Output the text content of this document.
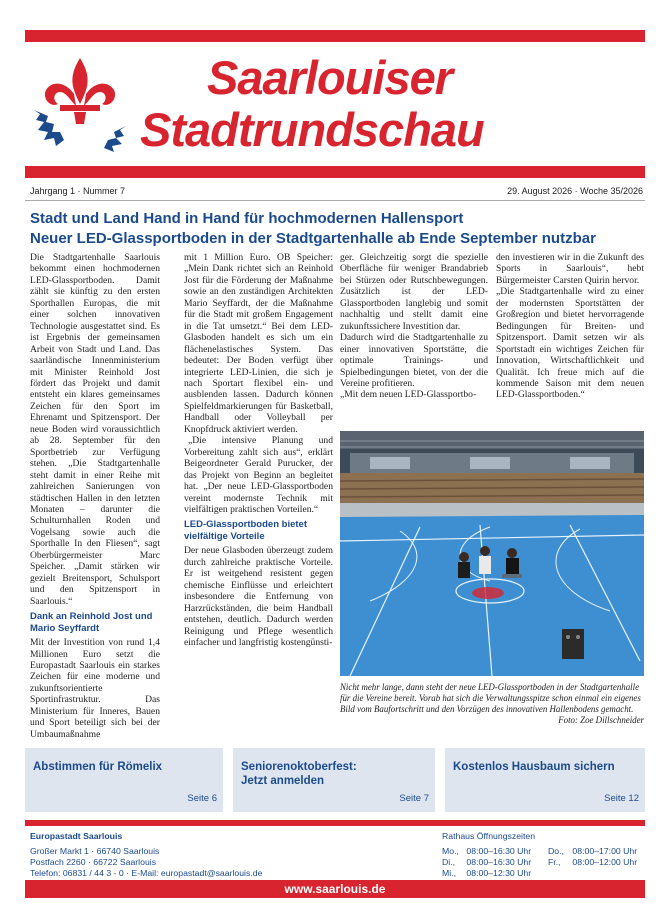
Saarlouiser
Stadtrundschau
Jahrgang 1 · Nummer 7	29. August 2026 · Woche 35/2026
Stadt und Land Hand in Hand für hochmodernen Hallensport
Neuer LED-Glassportboden in der Stadtgartenhalle ab Ende September nutzbar

Die Stadtgartenhalle Saarlouis bekommt einen hochmodernen LED-Glassportboden. Damit zählt sie künftig zu den ersten Sporthallen Europas, die mit einer solchen innovativen Technologie ausgestattet sind. Es ist Ergebnis der gemeinsamen Arbeit von Stadt und Land. Das saarländische Innenministerium mit Minister Reinhold Jost fördert das Projekt und damit entsteht ein klares gemeinsames Zeichen für den Sport im Ehrenamt und Spitzensport. Der neue Boden wird voraussichtlich ab 28. September für den Sportbetrieb zur Verfügung stehen. „Die Stadtgartenhalle steht damit in einer Reihe mit zahlreichen Sanierungen von städtischen Hallen in den letzten Monaten – darunter die Schulturnhallen Roden und Vogelsang sowie auch die Sporthalle In den Fliesen“, sagt Oberbürgermeister Marc Speicher. „Damit stärken wir gezielt Breitensport, Schulsport und den Spitzensport in Saarlouis.“

Dank an Reinhold Jost und Mario Seyffardt

Mit der Investition von rund 1,4 Millionen Euro setzt die Europastadt Saarlouis ein starkes Zeichen für eine moderne und zukunftsorientierte Sportinfrastruktur. Das Ministerium für Inneres, Bauen und Sport beteiligt sich bei der Umbaumaßnahme

mit 1 Million Euro. OB Speicher: „Mein Dank richtet sich an Reinhold Jost für die Förderung der Maßnahme sowie an den zuständigen Architekten Mario Seyffardt, der die Maßnahme für die Stadt mit großem Engagement in die Tat umsetzt.“ Bei dem LED-Glasboden handelt es sich um ein flächenelastisches System. Das bedeutet: Der Boden verfügt über integrierte LED-Linien, die sich je nach Sportart flexibel ein- und ausblenden lassen. Dadurch können Spielfeldmarkierungen für Basketball, Handball oder Volleyball per Knopfdruck aktiviert werden.

„Die intensive Planung und Vorbereitung zahlt sich aus“, erklärt Beigeordneter Gerald Purucker, der das Projekt von Beginn an begleitet hat. „Der neue LED-Glassportboden vereint modernste Technik mit vielfältigen praktischen Vorteilen.“

LED-Glassportboden bietet vielfältige Vorteile

Der neue Glasboden überzeugt zudem durch zahlreiche praktische Vorteile. Er ist weitgehend resistent gegen chemische Einflüsse und erleichtert insbesondere die Entfernung von Harzrückständen, die beim Handball entstehen, deutlich. Dadurch werden Reinigung und Pflege wesentlich einfacher und langfristig kostengünsti-

ger. Gleichzeitig sorgt die spezielle Oberfläche für weniger Brandabrieb bei Stürzen oder Rutschbewegungen. Zusätzlich ist der LED-Glassportboden langlebig und somit nachhaltig und stellt damit eine zukunftssichere Investition dar.

Dadurch wird die Stadtgartenhalle zu einer innovativen Sportstätte, die optimale Trainings- und Spielbedingungen bietet, von der die Vereine profitieren.

„Mit dem neuen LED-Glassportbo-

den investieren wir in die Zukunft des Sports in Saarlouis“, hebt Bürgermeister Carsten Quirin hervor.

„Die Stadtgartenhalle wird zu einer der modernsten Sportstätten der Großregion und bietet hervorragende Bedingungen für Breiten- und Spitzensport. Damit setzen wir als Sportstadt ein wichtiges Zeichen für Innovation, Wirtschaftlichkeit und Qualität. Ich freue mich auf die kommende Saison mit dem neuen LED-Glassportboden.“

Nicht mehr lange, dann steht der neue LED-Glassportboden in der Stadtgartenhalle für die Vereine bereit. Vorab hat sich die Verwaltungsspitze schon einmal ein eigenes Bild vom Baufortschritt und den Vorzügen des innovativen Hallenbodens gemacht.
Foto: Zoe Dillschneider
Abstimmen für Römelix
Seite 6
Seniorenoktoberfest:
Jetzt anmelden
Seite 7
Kostenlos Hausbaum sichern
Seite 12
Europastadt Saarlouis
Großer Markt 1 · 66740 Saarlouis
Postfach 2260 · 66722 Saarlouis
Telefon: 06831 / 44 3 - 0 · E-Mail: europastadt@saarlouis.de
Rathaus Öffnungszeiten
Mo., 08:00–16:30 Uhr
Di., 08:00–16:30 Uhr
Mi., 08:00–12:30 Uhr
Do., 08:00–17:00 Uhr
Fr., 08:00–12:00 Uhr
www.saarlouis.de
